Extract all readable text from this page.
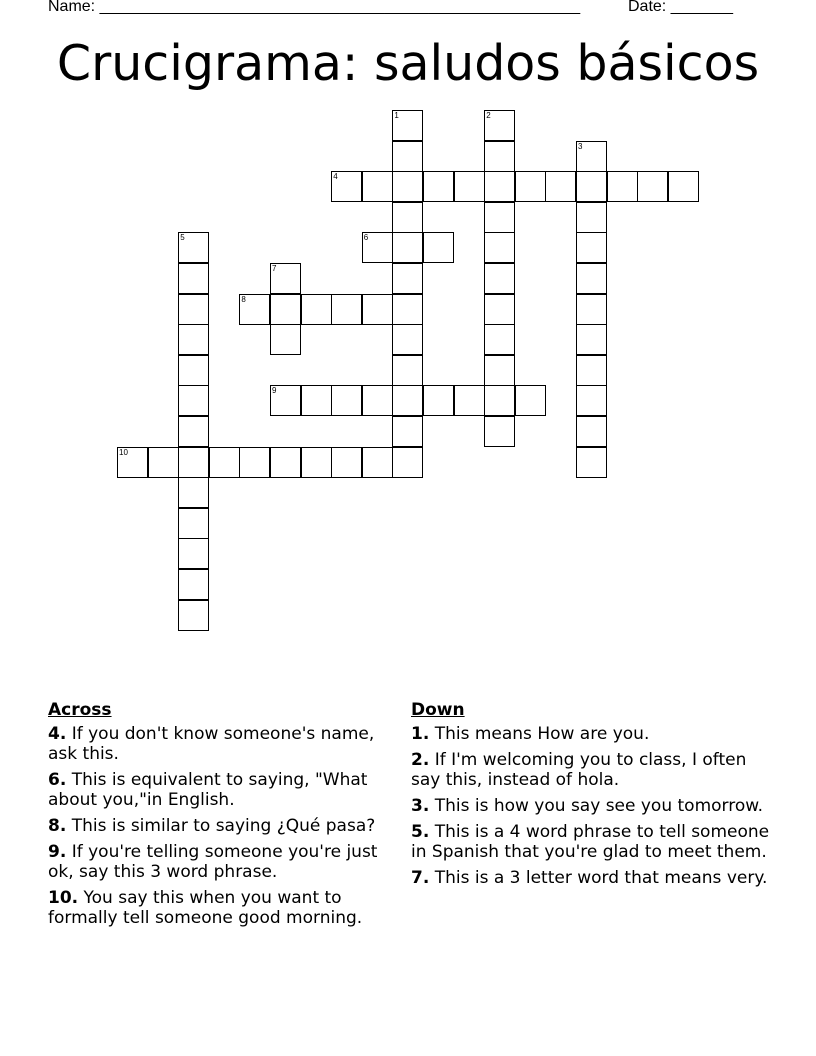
Name: ______________________________________________________	Date: _______
Crucigrama: saludos básicos
1	2
3
4
5	6
7
8
9
10
Across
4. If you don't know someone's name, ask this.
6. This is equivalent to saying, "What about you,"in English.
8. This is similar to saying ¿Qué pasa?
9. If you're telling someone you're just ok, say this 3 word phrase.
10. You say this when you want to formally tell someone good morning.
Down
1. This means How are you.
2. If I'm welcoming you to class, I often say this, instead of hola.
3. This is how you say see you tomorrow.
5. This is a 4 word phrase to tell someone in Spanish that you're glad to meet them.
7. This is a 3 letter word that means very.
